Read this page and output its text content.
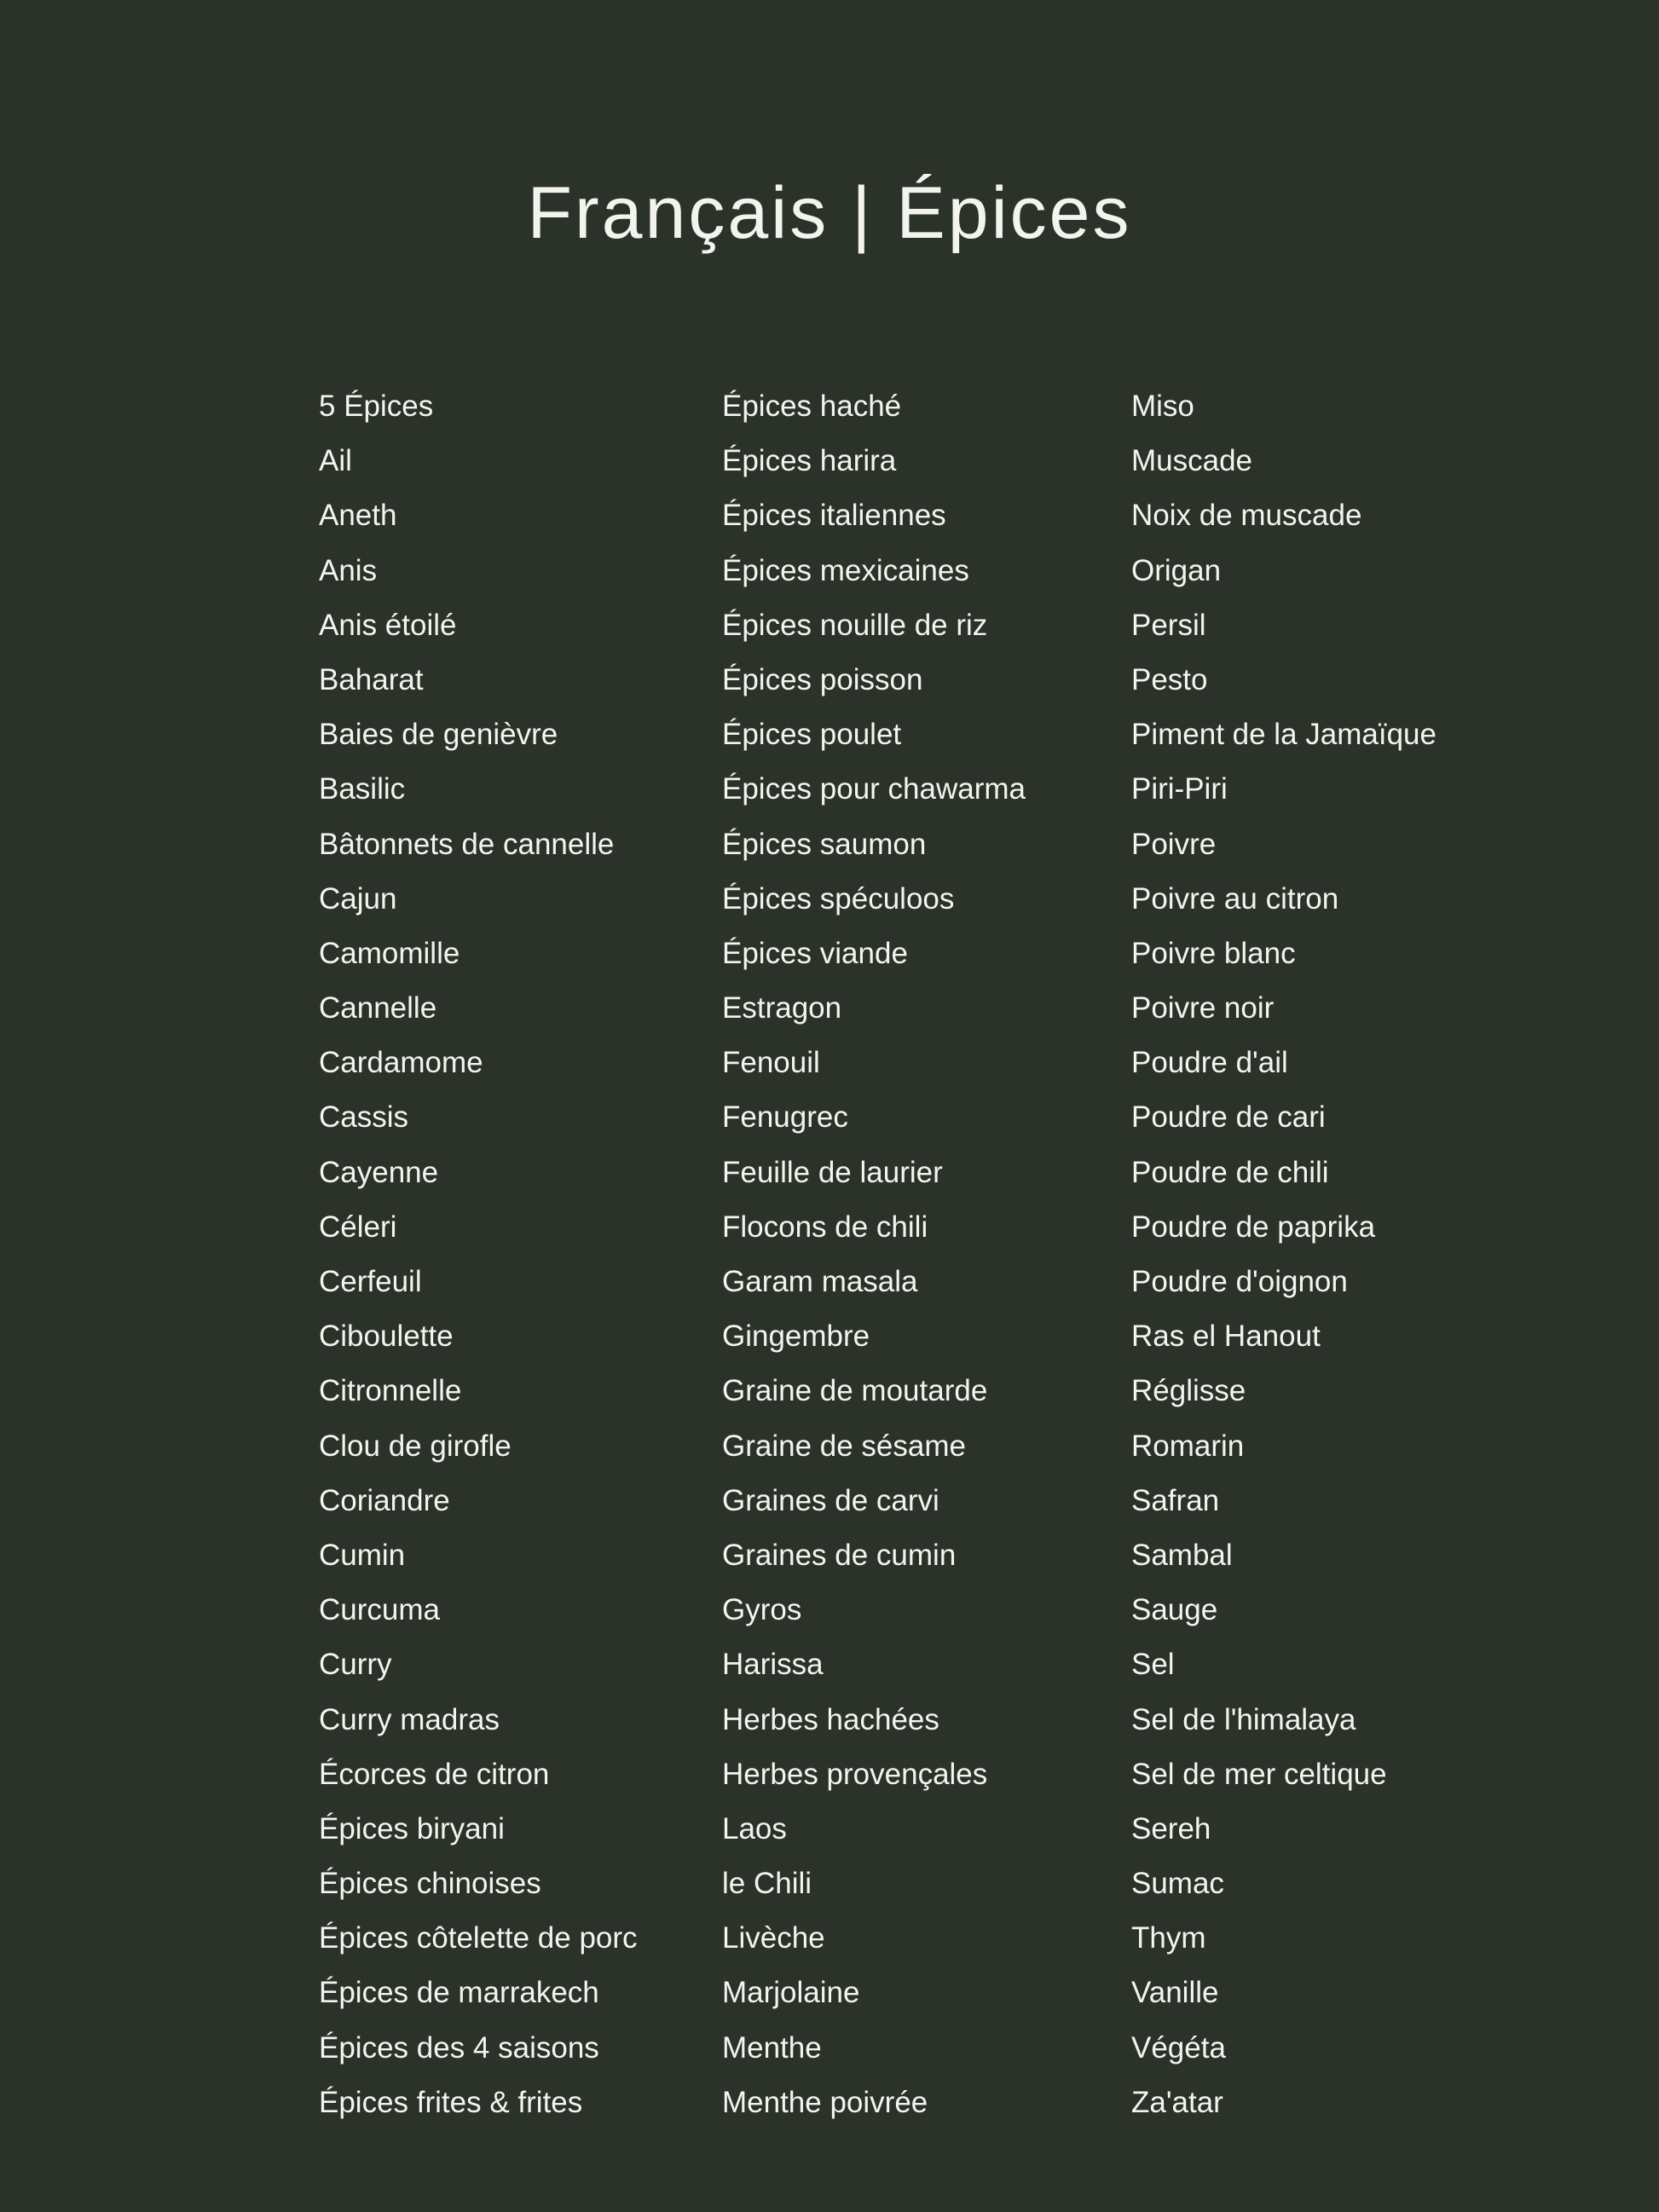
Français | Épices
5 Épices
Ail
Aneth
Anis
Anis étoilé
Baharat
Baies de genièvre
Basilic
Bâtonnets de cannelle
Cajun
Camomille
Cannelle
Cardamome
Cassis
Cayenne
Céleri
Cerfeuil
Ciboulette
Citronnelle
Clou de girofle
Coriandre
Cumin
Curcuma
Curry
Curry madras
Écorces de citron
Épices biryani
Épices chinoises
Épices côtelette de porc
Épices de marrakech
Épices des 4 saisons
Épices frites & frites
Épices haché
Épices harira
Épices italiennes
Épices mexicaines
Épices nouille de riz
Épices poisson
Épices poulet
Épices pour chawarma
Épices saumon
Épices spéculoos
Épices viande
Estragon
Fenouil
Fenugrec
Feuille de laurier
Flocons de chili
Garam masala
Gingembre
Graine de moutarde
Graine de sésame
Graines de carvi
Graines de cumin
Gyros
Harissa
Herbes hachées
Herbes provençales
Laos
le Chili
Livèche
Marjolaine
Menthe
Menthe poivrée
Miso
Muscade
Noix de muscade
Origan
Persil
Pesto
Piment de la Jamaïque
Piri-Piri
Poivre
Poivre au citron
Poivre blanc
Poivre noir
Poudre d'ail
Poudre de cari
Poudre de chili
Poudre de paprika
Poudre d'oignon
Ras el Hanout
Réglisse
Romarin
Safran
Sambal
Sauge
Sel
Sel de l'himalaya
Sel de mer celtique
Sereh
Sumac
Thym
Vanille
Végéta
Za'atar
